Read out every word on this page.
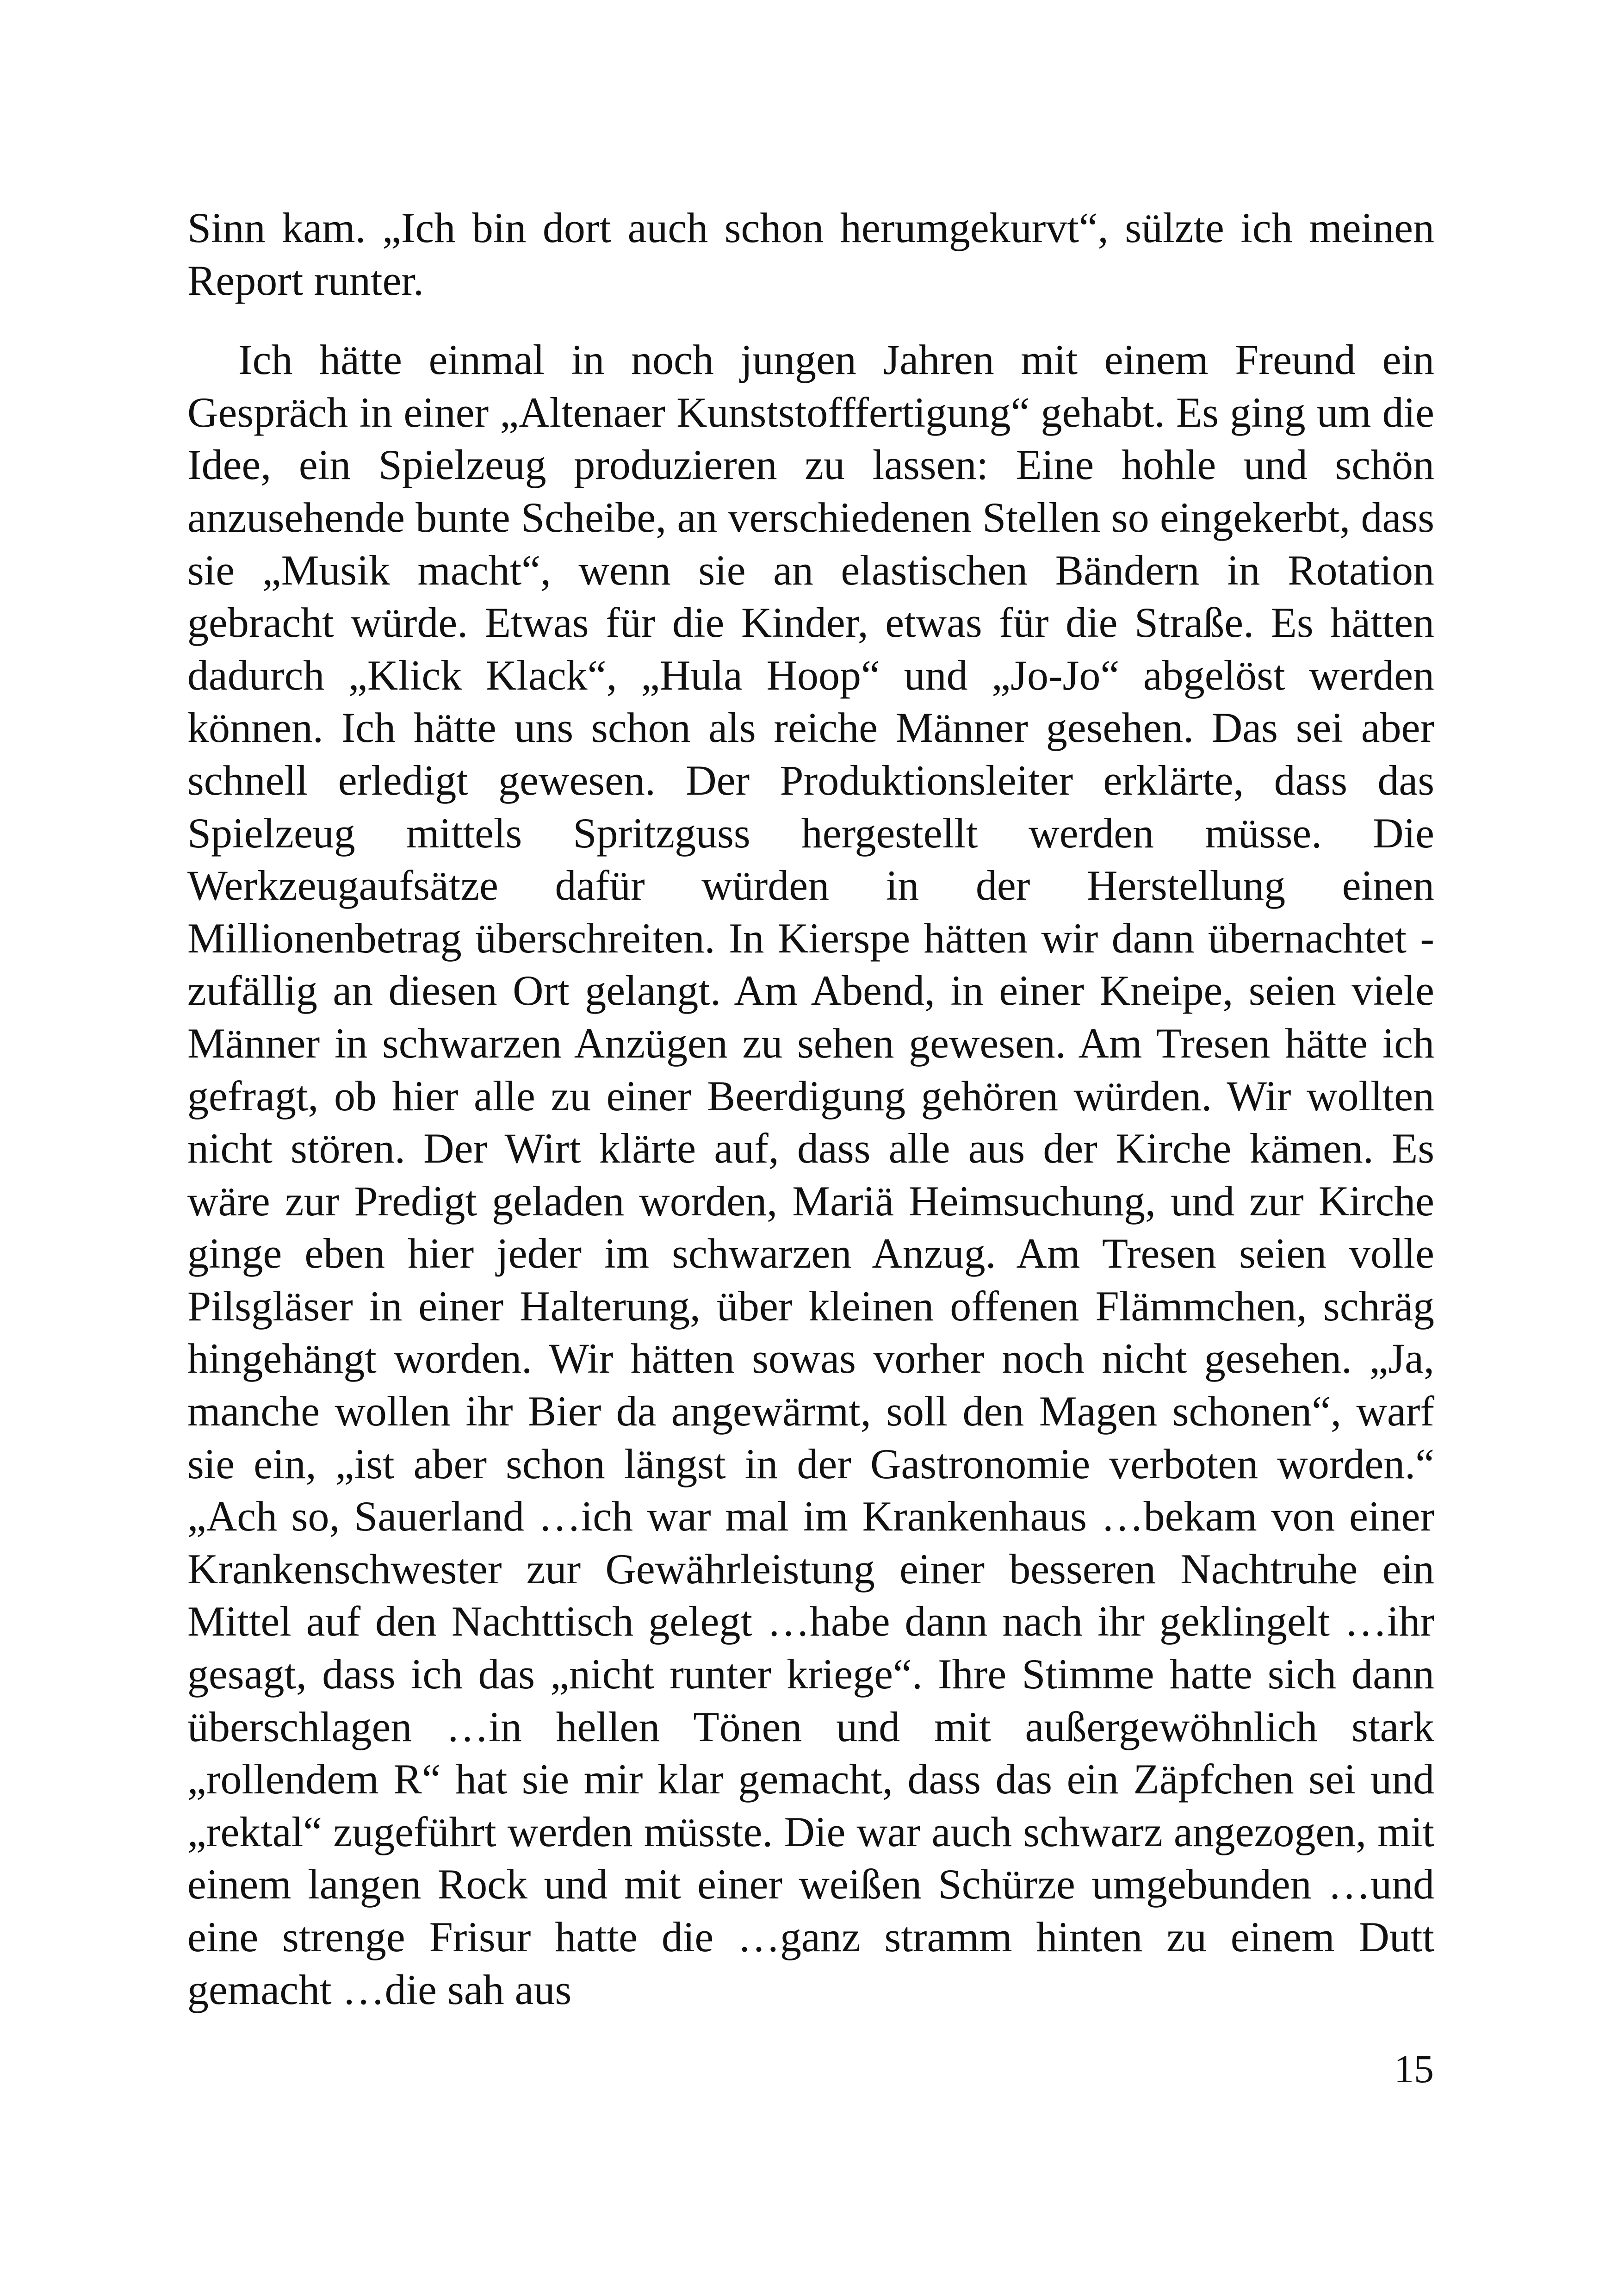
Sinn kam. „Ich bin dort auch schon herumgekurvt“, sülzte ich meinen Report runter.

Ich hätte einmal in noch jungen Jahren mit einem Freund ein Gespräch in einer „Altenaer Kunststofffertigung“ gehabt. Es ging um die Idee, ein Spielzeug produzieren zu lassen: Eine hohle und schön anzusehende bunte Scheibe, an verschiedenen Stellen so eingekerbt, dass sie „Musik macht“, wenn sie an elastischen Bändern in Rotation gebracht würde. Etwas für die Kinder, etwas für die Straße. Es hätten dadurch „Klick Klack“, „Hula Hoop“ und „Jo-Jo“ abgelöst werden können. Ich hätte uns schon als reiche Männer gesehen. Das sei aber schnell erledigt gewesen. Der Produktionsleiter erklärte, dass das Spielzeug mittels Spritzguss hergestellt werden müsse. Die Werkzeugaufsätze dafür würden in der Herstellung einen Millionenbetrag überschreiten. In Kierspe hätten wir dann übernachtet - zufällig an diesen Ort gelangt. Am Abend, in einer Kneipe, seien viele Männer in schwarzen Anzügen zu sehen gewesen. Am Tresen hätte ich gefragt, ob hier alle zu einer Beerdigung gehören würden. Wir wollten nicht stören. Der Wirt klärte auf, dass alle aus der Kirche kämen. Es wäre zur Predigt geladen worden, Mariä Heimsuchung, und zur Kirche ginge eben hier jeder im schwarzen Anzug. Am Tresen seien volle Pilsgläser in einer Halterung, über kleinen offenen Flämmchen, schräg hingehängt worden. Wir hätten sowas vorher noch nicht gesehen. „Ja, manche wollen ihr Bier da angewärmt, soll den Magen schonen“, warf sie ein, „ist aber schon längst in der Gastronomie verboten worden.“ „Ach so, Sauerland …ich war mal im Krankenhaus …bekam von einer Krankenschwester zur Gewährleistung einer besseren Nachtruhe ein Mittel auf den Nachttisch gelegt …habe dann nach ihr geklingelt …ihr gesagt, dass ich das „nicht runter kriege“. Ihre Stimme hatte sich dann überschlagen …in hellen Tönen und mit außergewöhnlich stark „rollendem R“ hat sie mir klar gemacht, dass das ein Zäpfchen sei und „rektal“ zugeführt werden müsste. Die war auch schwarz angezogen, mit einem langen Rock und mit einer weißen Schürze umgebunden …und eine strenge Frisur hatte die …ganz stramm hinten zu einem Dutt gemacht …die sah aus

15
